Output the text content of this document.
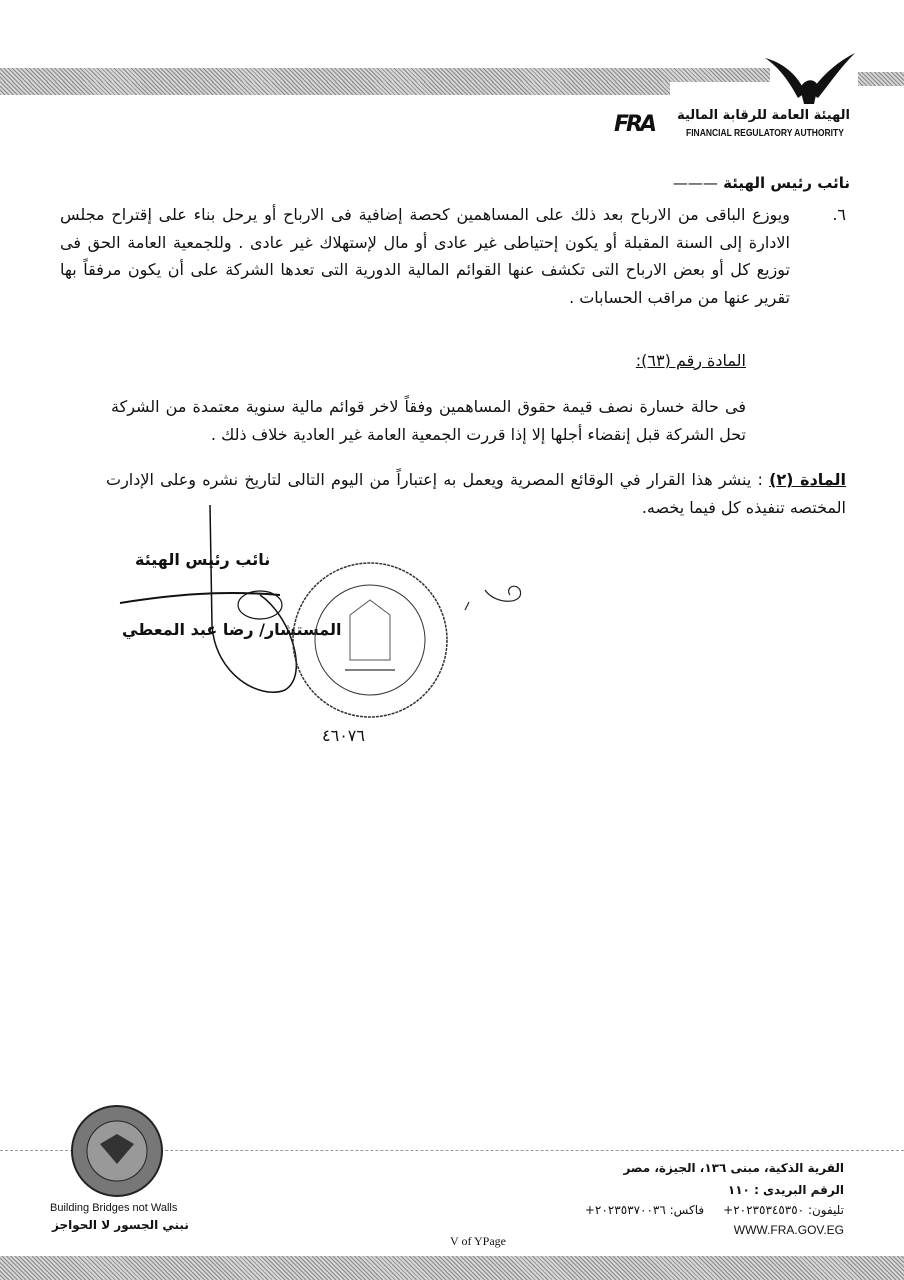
الهيئة العامة للرقابة المالية
FRA	FINANCIAL REGULATORY AUTHORITY
نائب رئيس الهيئة ———
٦.
ويوزع الباقى من الارباح بعد ذلك على المساهمين كحصة إضافية فى الارباح أو يرحل بناء على إقتراح مجلس الادارة إلى السنة المقبلة أو يكون إحتياطى غير عادى أو مال لإستهلاك غير عادى . وللجمعية العامة الحق فى توزيع كل أو بعض الارباح التى تكشف عنها القوائم المالية الدورية التى تعدها الشركة على أن يكون مرفقاً بها تقرير عنها من مراقب الحسابات .
المادة رقم (٦٣):
فى حالة خسارة نصف قيمة حقوق المساهمين وفقاً لاخر قوائم مالية سنوية معتمدة من الشركة تحل الشركة قبل إنقضاء أجلها إلا إذا قررت الجمعية العامة غير العادية خلاف ذلك .
المادة (٢) : ينشر هذا القرار في الوقائع المصرية ويعمل به إعتباراً من اليوم التالى لتاريخ نشره وعلى الإدارت المختصه تنفيذه كل فيما يخصه.
نائب رئيس الهيئة
المستشار/ رضا عبد المعطي
٤٦٠٧٦
Building Bridges not Walls
نبني الجسور لا الحواجز
القرية الذكية، مبنى ١٣٦، الجيزة، مصر
الرقم البريدى : ١١٠
تليفون: ٢٠٢٣٥٣٤٥٣٥٠+     فاكس: ٢٠٢٣٥٣٧٠٠٣٦+
WWW.FRA.GOV.EG
V of YPage
